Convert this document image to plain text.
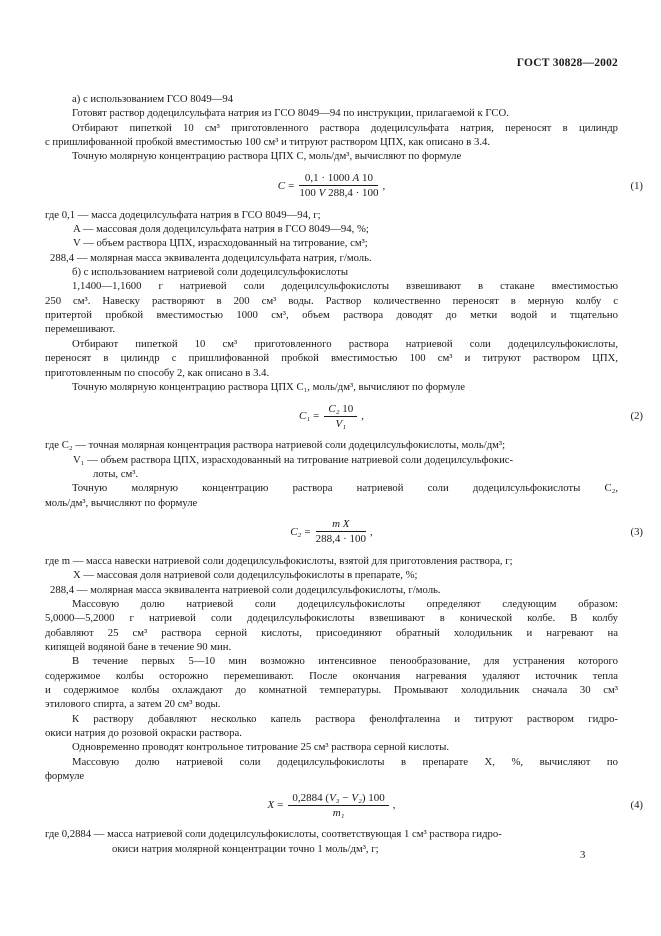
ГОСТ 30828—2002
а) с использованием ГСО 8049—94
Готовят раствор додецилсульфата натрия из ГСО 8049—94 по инструкции, прилагаемой к ГСО.
Отбирают пипеткой 10 см³ приготовленного раствора додецилсульфата натрия, переносят в цилиндр
с пришлифованной пробкой вместимостью 100 см³ и титруют раствором ЦПХ, как описано в 3.4.
Точную молярную концентрацию раствора ЦПХ C, моль/дм³, вычисляют по формуле
$C = \frac{0,1 \cdot 1000 A 10}{100 V 288,4 \cdot 100}$ ,	(1)
где 0,1 — масса додецилсульфата натрия в ГСО 8049—94, г;
A — массовая доля додецилсульфата натрия в ГСО 8049—94, %;
V — объем раствора ЦПХ, израсходованный на титрование, см³;
288,4 — молярная масса эквивалента додецилсульфата натрия, г/моль.
б) с использованием натриевой соли додецилсульфокислоты
1,1400—1,1600 г натриевой соли додецилсульфокислоты взвешивают в стакане вместимостью
250 см³. Навеску растворяют в 200 см³ воды. Раствор количественно переносят в мерную колбу с
притертой пробкой вместимостью 1000 см³, объем раствора доводят до метки водой и тщательно
перемешивают.
Отбирают пипеткой 10 см³ приготовленного раствора натриевой соли додецилсульфокислоты,
переносят в цилиндр с пришлифованной пробкой вместимостью 100 см³ и титруют раствором ЦПХ,
приготовленным по способу 2, как описано в 3.4.
Точную молярную концентрацию раствора ЦПХ C₁, моль/дм³, вычисляют по формуле
$C_1 = \frac{\text{C₂ 10}}{\text{V₁}}$ ,	(2)
где C₂ — точная молярная концентрация раствора натриевой соли додецилсульфокислоты, моль/дм³;
V₁ — объем раствора ЦПХ, израсходованный на титрование натриевой соли додецилсульфокис-
лоты, см³.
Точную молярную концентрацию раствора натриевой соли додецилсульфокислоты C₂,
моль/дм³, вычисляют по формуле
$C_2 = \frac{\text{m X}}{288,4 \cdot 100}$ ,	(3)
где m — масса навески натриевой соли додецилсульфокислоты, взятой для приготовления раствора, г;
X — массовая доля натриевой соли додецилсульфокислоты в препарате, %;
288,4 — молярная масса эквивалента натриевой соли додецилсульфокислоты, г/моль.
Массовую долю натриевой соли додецилсульфокислоты определяют следующим образом:
5,0000—5,2000 г натриевой соли додецилсульфокислоты взвешивают в конической колбе. В колбу
добавляют 25 см³ раствора серной кислоты, присоединяют обратный холодильник и нагревают на
кипящей водяной бане в течение 90 мин.
В течение первых 5—10 мин возможно интенсивное пенообразование, для устранения которого
содержимое колбы осторожно перемешивают. После окончания нагревания удаляют источник тепла
и содержимое колбы охлаждают до комнатной температуры. Промывают холодильник сначала 30 см³
этилового спирта, а затем 20 см³ воды.
К раствору добавляют несколько капель раствора фенолфталеина и титруют раствором гидро-
окиси натрия до розовой окраски раствора.
Одновременно проводят контрольное титрование 25 см³ раствора серной кислоты.
Массовую долю натриевой соли додецилсульфокислоты в препарате X, %, вычисляют по
формуле
$X = \frac{\text{0,2884 (V₃ − V₂) 100}}{\text{m₁}}$ ,	(4)
где 0,2884 — масса натриевой соли додецилсульфокислоты, соответствующая 1 см³ раствора гидро-
окиси натрия молярной концентрации точно 1 моль/дм³, г;
3
